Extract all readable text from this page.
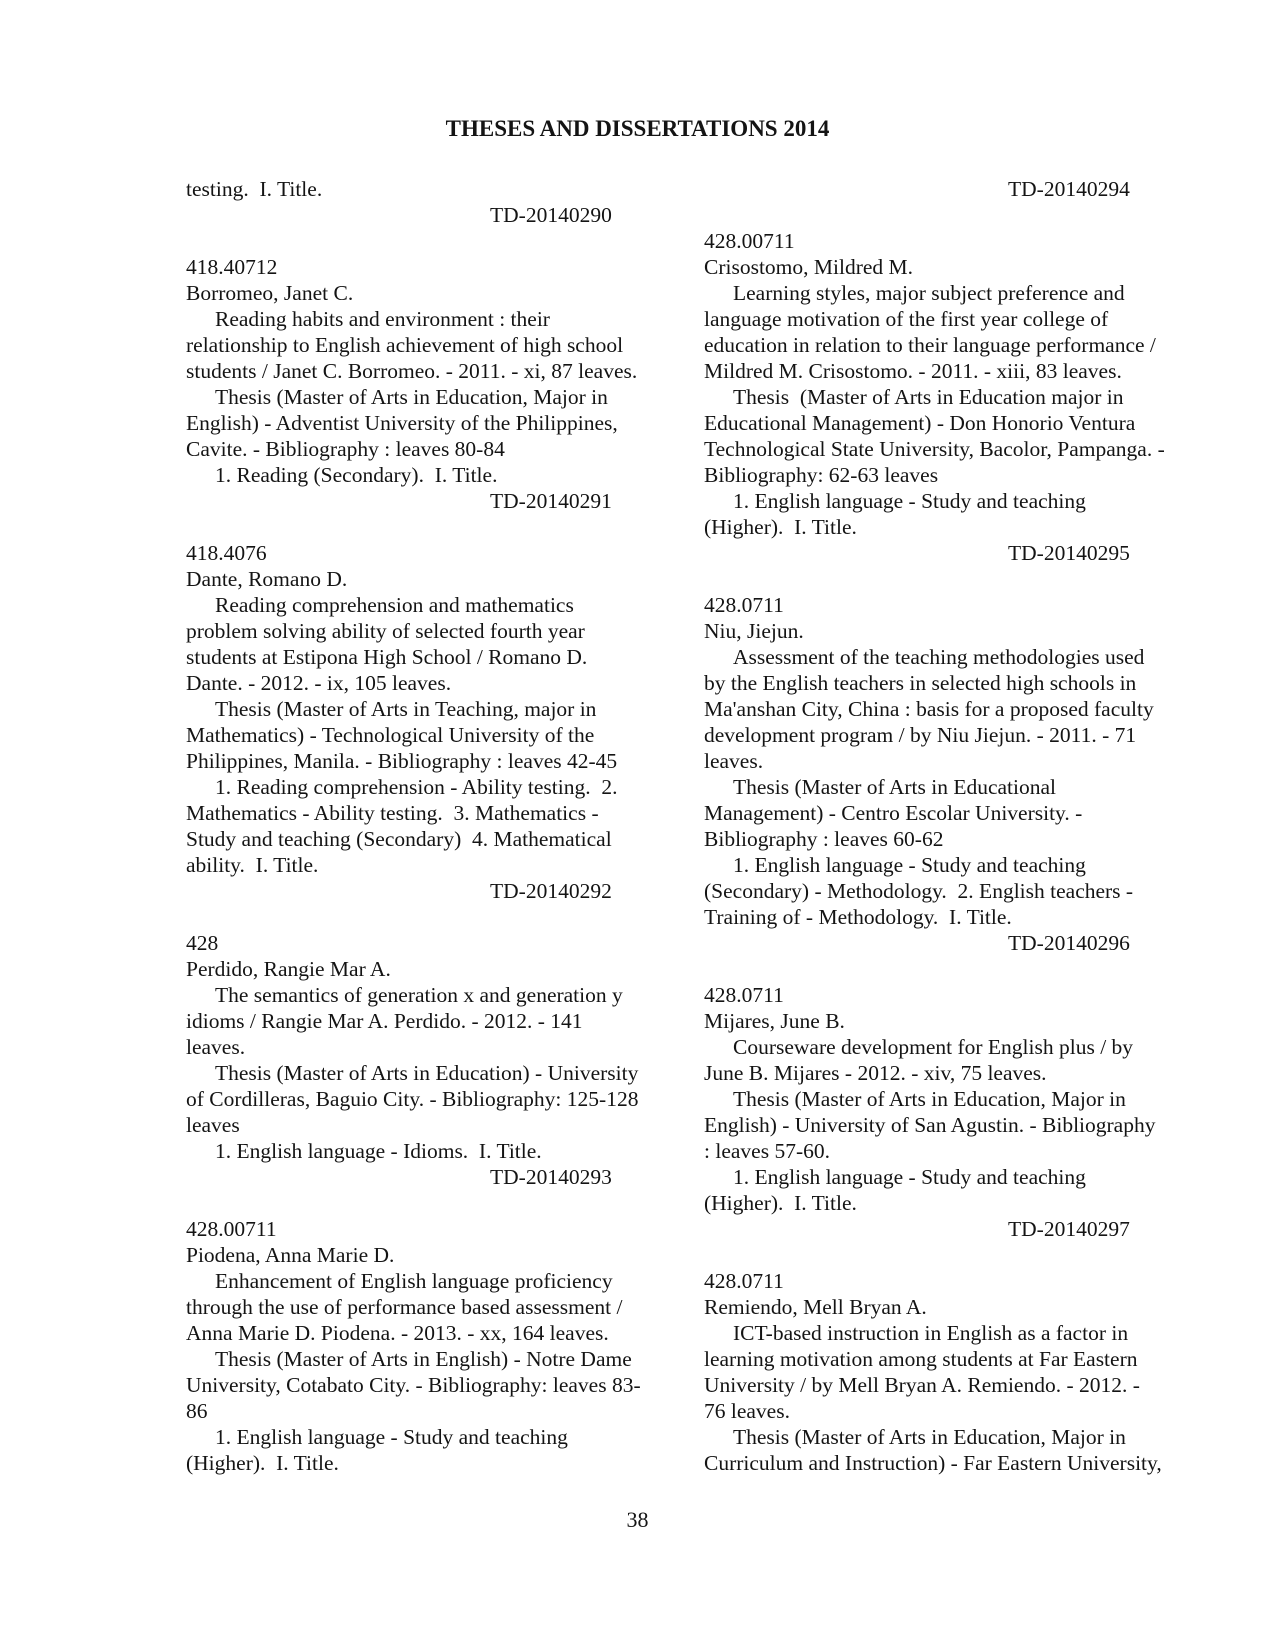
THESES AND DISSERTATIONS 2014
testing.  I. Title.
TD-20140290
418.40712
Borromeo, Janet C.
Reading habits and environment : their
relationship to English achievement of high school
students / Janet C. Borromeo. - 2011. - xi, 87 leaves.
Thesis (Master of Arts in Education, Major in
English) - Adventist University of the Philippines,
Cavite. - Bibliography : leaves 80-84
1. Reading (Secondary).  I. Title.
TD-20140291
418.4076
Dante, Romano D.
Reading comprehension and mathematics
problem solving ability of selected fourth year
students at Estipona High School / Romano D.
Dante. - 2012. - ix, 105 leaves.
Thesis (Master of Arts in Teaching, major in
Mathematics) - Technological University of the
Philippines, Manila. - Bibliography : leaves 42-45
1. Reading comprehension - Ability testing.  2.
Mathematics - Ability testing.  3. Mathematics -
Study and teaching (Secondary)  4. Mathematical
ability.  I. Title.
TD-20140292
428
Perdido, Rangie Mar A.
The semantics of generation x and generation y
idioms / Rangie Mar A. Perdido. - 2012. - 141
leaves.
Thesis (Master of Arts in Education) - University
of Cordilleras, Baguio City. - Bibliography: 125-128
leaves
1. English language - Idioms.  I. Title.
TD-20140293
428.00711
Piodena, Anna Marie D.
Enhancement of English language proficiency
through the use of performance based assessment /
Anna Marie D. Piodena. - 2013. - xx, 164 leaves.
Thesis (Master of Arts in English) - Notre Dame
University, Cotabato City. - Bibliography: leaves 83-
86
1. English language - Study and teaching
(Higher).  I. Title.
TD-20140294
428.00711
Crisostomo, Mildred M.
Learning styles, major subject preference and
language motivation of the first year college of
education in relation to their language performance /
Mildred M. Crisostomo. - 2011. - xiii, 83 leaves.
Thesis  (Master of Arts in Education major in
Educational Management) - Don Honorio Ventura
Technological State University, Bacolor, Pampanga. -
Bibliography: 62-63 leaves
1. English language - Study and teaching
(Higher).  I. Title.
TD-20140295
428.0711
Niu, Jiejun.
Assessment of the teaching methodologies used
by the English teachers in selected high schools in
Ma'anshan City, China : basis for a proposed faculty
development program / by Niu Jiejun. - 2011. - 71
leaves.
Thesis (Master of Arts in Educational
Management) - Centro Escolar University. -
Bibliography : leaves 60-62
1. English language - Study and teaching
(Secondary) - Methodology.  2. English teachers -
Training of - Methodology.  I. Title.
TD-20140296
428.0711
Mijares, June B.
Courseware development for English plus / by
June B. Mijares - 2012. - xiv, 75 leaves.
Thesis (Master of Arts in Education, Major in
English) - University of San Agustin. - Bibliography
: leaves 57-60.
1. English language - Study and teaching
(Higher).  I. Title.
TD-20140297
428.0711
Remiendo, Mell Bryan A.
ICT-based instruction in English as a factor in
learning motivation among students at Far Eastern
University / by Mell Bryan A. Remiendo. - 2012. -
76 leaves.
Thesis (Master of Arts in Education, Major in
Curriculum and Instruction) - Far Eastern University,
38
